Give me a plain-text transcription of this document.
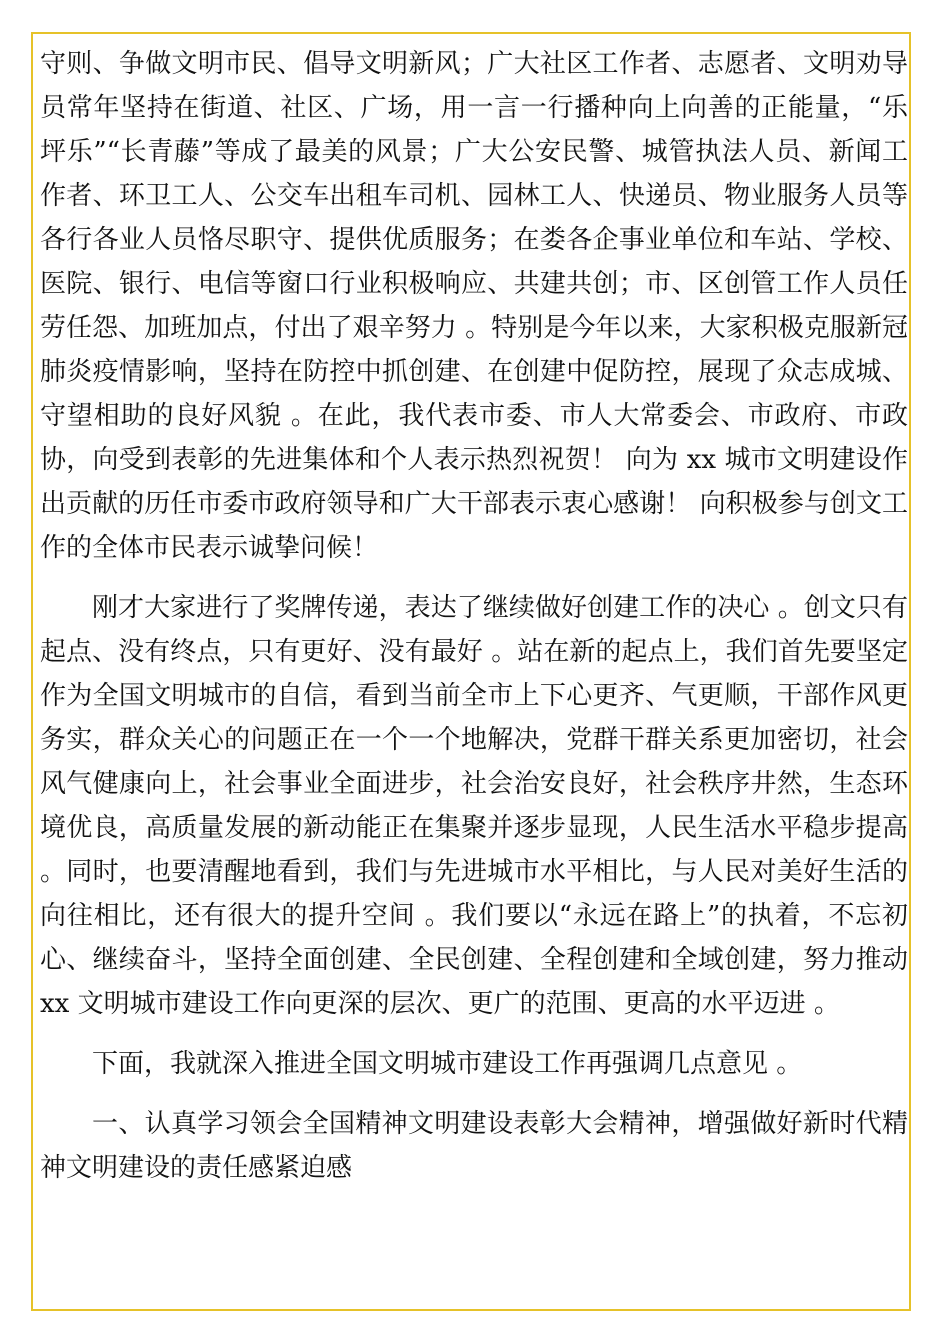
守则、争做文明市民、倡导文明新风；广大社区工作者、志愿者、文明劝导员常年坚持在街道、社区、广场，用一言一行播种向上向善的正能量，“乐坪乐”“长青藤”等成了最美的风景；广大公安民警、城管执法人员、新闻工作者、环卫工人、公交车出租车司机、园林工人、快递员、物业服务人员等各行各业人员恪尽职守、提供优质服务；在娄各企事业单位和车站、学校、医院、银行、电信等窗口行业积极响应、共建共创；市、区创管工作人员任劳任怨、加班加点，付出了艰辛努力 。特别是今年以来，大家积极克服新冠肺炎疫情影响，坚持在防控中抓创建、在创建中促防控，展现了众志成城、守望相助的良好风貌 。在此，我代表市委、市人大常委会、市政府、市政协，向受到表彰的先进集体和个人表示热烈祝贺！ 向为 xx 城市文明建设作出贡献的历任市委市政府领导和广大干部表示衷心感谢！ 向积极参与创文工作的全体市民表示诚挚问候！

刚才大家进行了奖牌传递，表达了继续做好创建工作的决心 。创文只有起点、没有终点，只有更好、没有最好 。站在新的起点上，我们首先要坚定作为全国文明城市的自信，看到当前全市上下心更齐、气更顺，干部作风更务实，群众关心的问题正在一个一个地解决，党群干群关系更加密切，社会风气健康向上，社会事业全面进步，社会治安良好，社会秩序井然，生态环境优良，高质量发展的新动能正在集聚并逐步显现，人民生活水平稳步提高 。同时，也要清醒地看到，我们与先进城市水平相比，与人民对美好生活的向往相比，还有很大的提升空间 。我们要以“永远在路上”的执着，不忘初心、继续奋斗，坚持全面创建、全民创建、全程创建和全域创建，努力推动 xx 文明城市建设工作向更深的层次、更广的范围、更高的水平迈进 。

下面，我就深入推进全国文明城市建设工作再强调几点意见 。

一、认真学习领会全国精神文明建设表彰大会精神，增强做好新时代精神文明建设的责任感紧迫感
